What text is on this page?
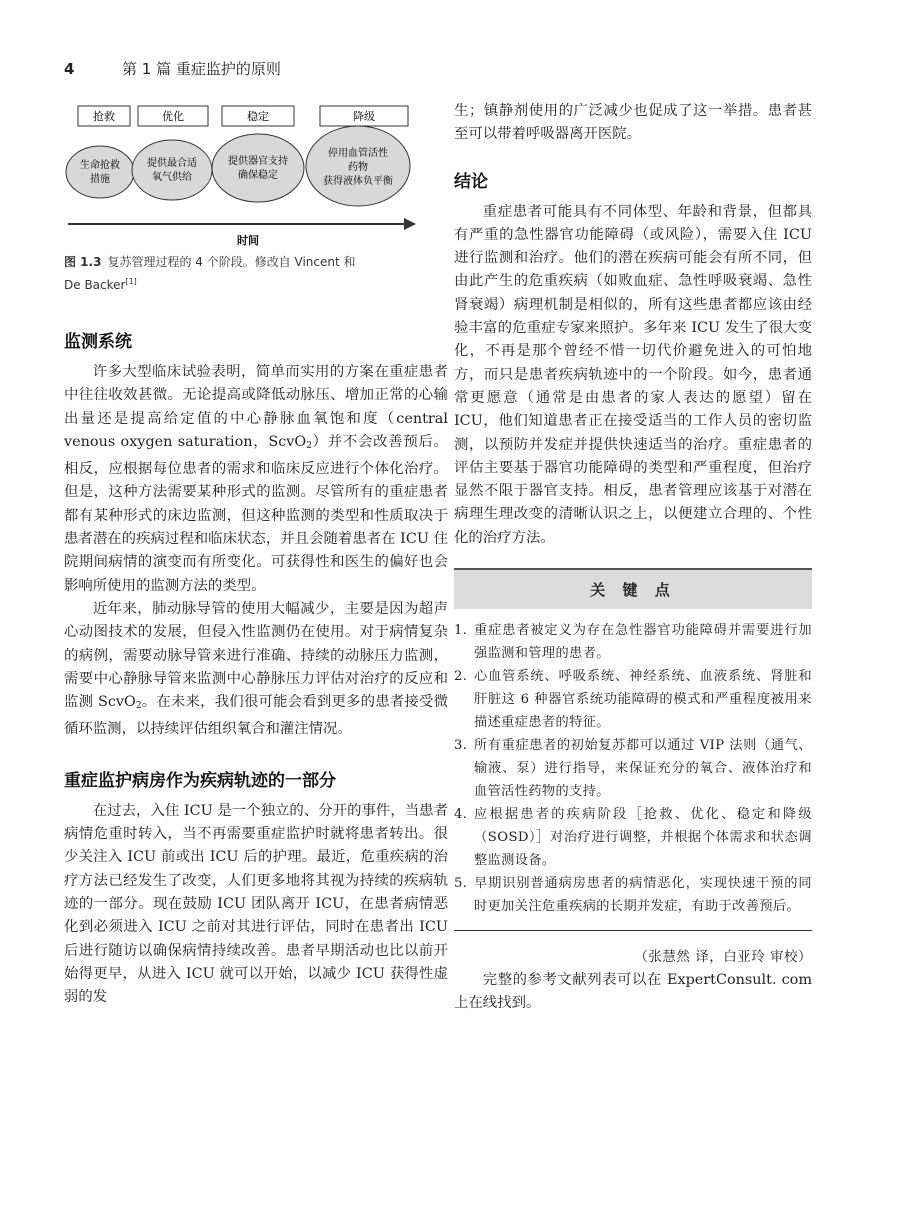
4	第 1 篇 重症监护的原则
抢救	优化	稳定	降级
生命抢救
措施
提供最合适
氧气供给
提供器官支持
确保稳定
停用血管活性
药物
获得液体负平衡
时间
图 1.3 复苏管理过程的 4 个阶段。修改自 Vincent 和
De Backer[1]
监测系统

许多大型临床试验表明，简单而实用的方案在重症患者中往往收效甚微。无论提高或降低动脉压、增加正常的心输出量还是提高给定值的中心静脉血氧饱和度（central venous oxygen saturation，ScvO$_2$）并不会改善预后。相反，应根据每位患者的需求和临床反应进行个体化治疗。但是，这种方法需要某种形式的监测。尽管所有的重症患者都有某种形式的床边监测，但这种监测的类型和性质取决于患者潜在的疾病过程和临床状态，并且会随着患者在 ICU 住院期间病情的演变而有所变化。可获得性和医生的偏好也会影响所使用的监测方法的类型。

近年来，肺动脉导管的使用大幅减少，主要是因为超声心动图技术的发展，但侵入性监测仍在使用。对于病情复杂的病例，需要动脉导管来进行准确、持续的动脉压力监测，需要中心静脉导管来监测中心静脉压力评估对治疗的反应和监测 ScvO$_2$。在未来，我们很可能会看到更多的患者接受微循环监测，以持续评估组织氧合和灌注情况。

重症监护病房作为疾病轨迹的一部分

在过去，入住 ICU 是一个独立的、分开的事件，当患者病情危重时转入，当不再需要重症监护时就将患者转出。很少关注入 ICU 前或出 ICU 后的护理。最近，危重疾病的治疗方法已经发生了改变，人们更多地将其视为持续的疾病轨迹的一部分。现在鼓励 ICU 团队离开 ICU，在患者病情恶化到必须进入 ICU 之前对其进行评估，同时在患者出 ICU 后进行随访以确保病情持续改善。患者早期活动也比以前开始得更早，从进入 ICU 就可以开始，以减少 ICU 获得性虚弱的发

生；镇静剂使用的广泛减少也促成了这一举措。患者甚至可以带着呼吸器离开医院。

结论

重症患者可能具有不同体型、年龄和背景，但都具有严重的急性器官功能障碍（或风险），需要入住 ICU 进行监测和治疗。他们的潜在疾病可能会有所不同，但由此产生的危重疾病（如败血症、急性呼吸衰竭、急性肾衰竭）病理机制是相似的，所有这些患者都应该由经验丰富的危重症专家来照护。多年来 ICU 发生了很大变化，不再是那个曾经不惜一切代价避免进入的可怕地方，而只是患者疾病轨迹中的一个阶段。如今，患者通常更愿意（通常是由患者的家人表达的愿望）留在 ICU，他们知道患者正在接受适当的工作人员的密切监测，以预防并发症并提供快速适当的治疗。重症患者的评估主要基于器官功能障碍的类型和严重程度，但治疗显然不限于器官支持。相反，患者管理应该基于对潜在病理生理改变的清晰认识之上，以便建立合理的、个性化的治疗方法。

关 键 点
1. 重症患者被定义为存在急性器官功能障碍并需要进行加强监测和管理的患者。
2. 心血管系统、呼吸系统、神经系统、血液系统、肾脏和肝脏这 6 种器官系统功能障碍的模式和严重程度被用来描述重症患者的特征。
3. 所有重症患者的初始复苏都可以通过 VIP 法则（通气、输液、泵）进行指导，来保证充分的氧合、液体治疗和血管活性药物的支持。
4. 应根据患者的疾病阶段［抢救、优化、稳定和降级（SOSD）］对治疗进行调整，并根据个体需求和状态调整监测设备。
5. 早期识别普通病房患者的病情恶化，实现快速干预的同时更加关注危重疾病的长期并发症，有助于改善预后。
（张慧然 译，白亚玲 审校）

完整的参考文献列表可以在 ExpertConsult. com 上在线找到。
